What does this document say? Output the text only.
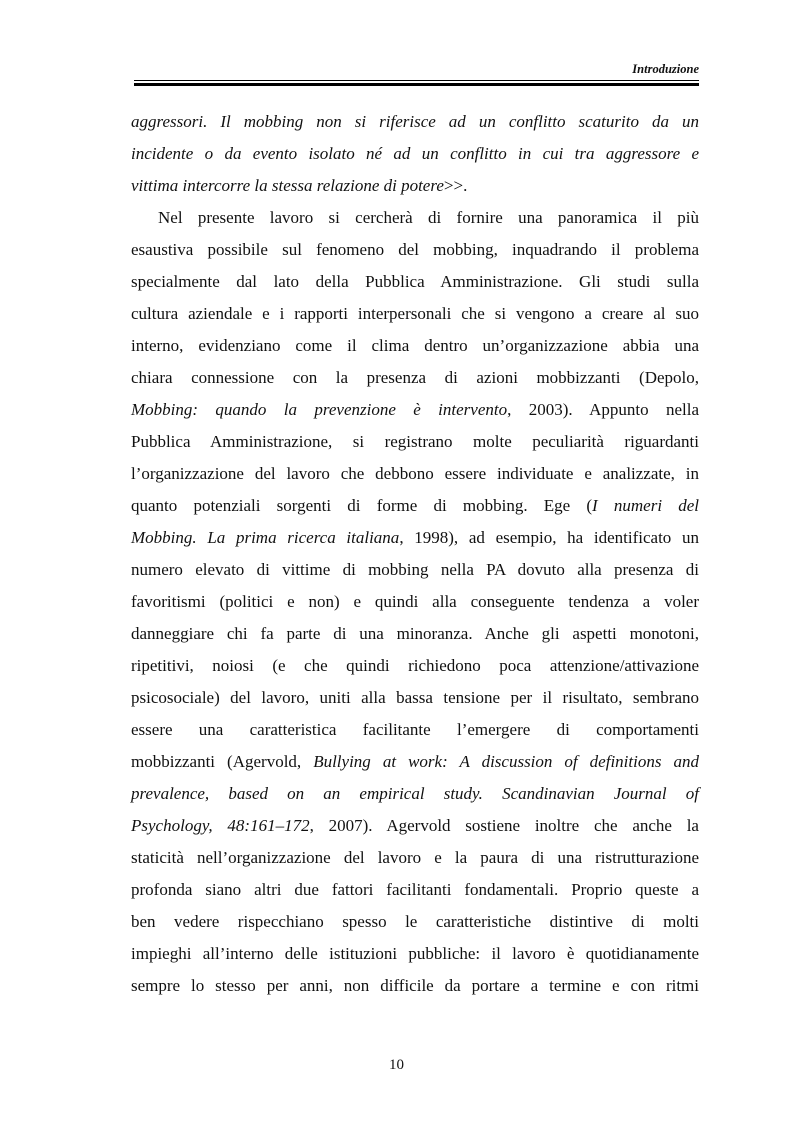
Introduzione
aggressori. Il mobbing non si riferisce ad un conflitto scaturito da un
incidente o da evento isolato né ad un conflitto in cui tra aggressore e
vittima intercorre la stessa relazione di potere>>.
Nel presente lavoro si cercherà di fornire una panoramica il più
esaustiva possibile sul fenomeno del mobbing, inquadrando il problema
specialmente dal lato della Pubblica Amministrazione. Gli studi sulla
cultura aziendale e i rapporti interpersonali che si vengono a creare al suo
interno, evidenziano come il clima dentro un’organizzazione abbia una
chiara connessione con la presenza di azioni mobbizzanti (Depolo,
Mobbing: quando la prevenzione è intervento, 2003). Appunto nella
Pubblica Amministrazione, si registrano molte peculiarità riguardanti
l’organizzazione del lavoro che debbono essere individuate e analizzate, in
quanto potenziali sorgenti di forme di mobbing. Ege (I numeri del
Mobbing. La prima ricerca italiana, 1998), ad esempio, ha identificato un
numero elevato di vittime di mobbing nella PA dovuto alla presenza di
favoritismi (politici e non) e quindi alla conseguente tendenza a voler
danneggiare chi fa parte di una minoranza. Anche gli aspetti monotoni,
ripetitivi, noiosi (e che quindi richiedono poca attenzione/attivazione
psicosociale) del lavoro, uniti alla bassa tensione per il risultato, sembrano
essere una caratteristica facilitante l’emergere di comportamenti
mobbizzanti (Agervold, Bullying at work: A discussion of definitions and
prevalence, based on an empirical study. Scandinavian Journal of
Psychology, 48:161–172, 2007). Agervold sostiene inoltre che anche la
staticità nell’organizzazione del lavoro e la paura di una ristrutturazione
profonda siano altri due fattori facilitanti fondamentali. Proprio queste a
ben vedere rispecchiano spesso le caratteristiche distintive di molti
impieghi all’interno delle istituzioni pubbliche: il lavoro è quotidianamente
sempre lo stesso per anni, non difficile da portare a termine e con ritmi
10
